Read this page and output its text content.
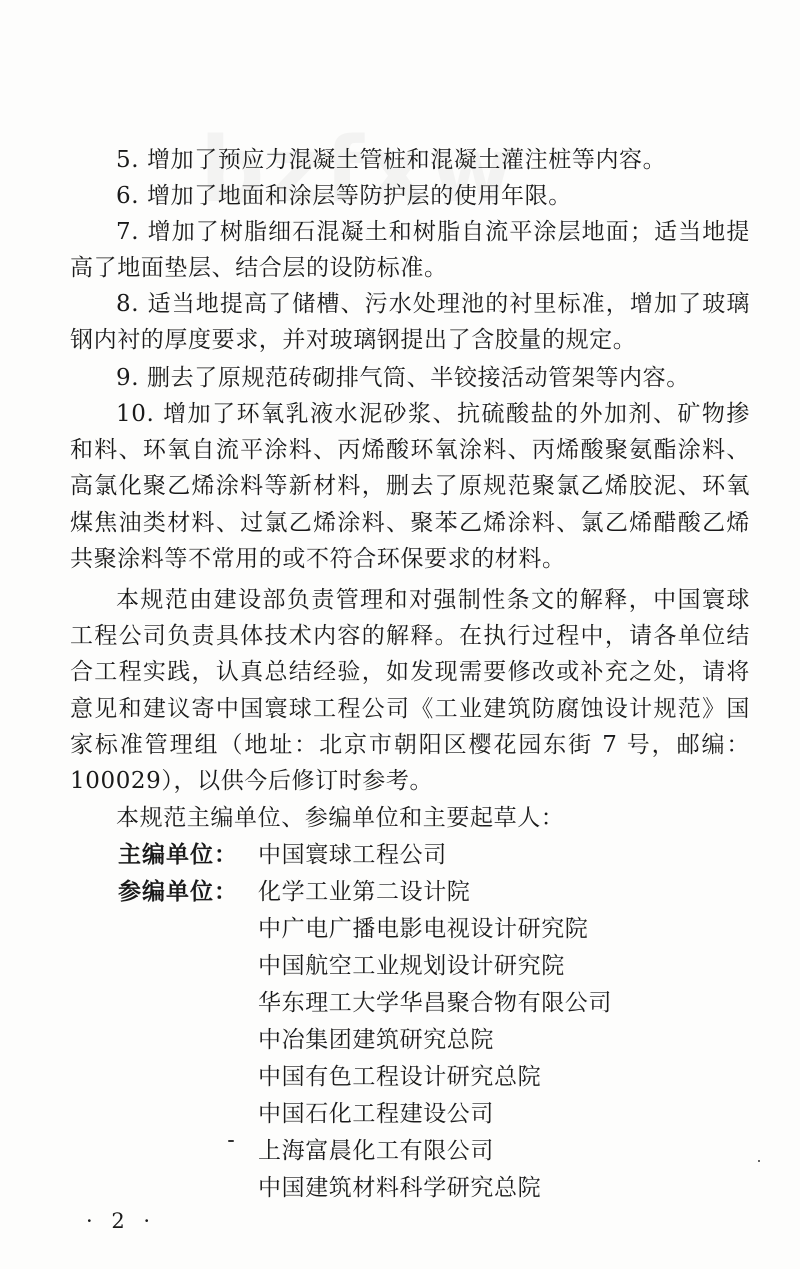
5. 增加了预应力混凝土管桩和混凝土灌注桩等内容。

6. 增加了地面和涂层等防护层的使用年限。

7. 增加了树脂细石混凝土和树脂自流平涂层地面；适当地提高了地面垫层、结合层的设防标准。

8. 适当地提高了储槽、污水处理池的衬里标准，增加了玻璃钢内衬的厚度要求，并对玻璃钢提出了含胶量的规定。

9. 删去了原规范砖砌排气筒、半铰接活动管架等内容。

10. 增加了环氧乳液水泥砂浆、抗硫酸盐的外加剂、矿物掺和料、环氧自流平涂料、丙烯酸环氧涂料、丙烯酸聚氨酯涂料、高氯化聚乙烯涂料等新材料，删去了原规范聚氯乙烯胶泥、环氧煤焦油类材料、过氯乙烯涂料、聚苯乙烯涂料、氯乙烯醋酸乙烯共聚涂料等不常用的或不符合环保要求的材料。

本规范由建设部负责管理和对强制性条文的解释，中国寰球工程公司负责具体技术内容的解释。在执行过程中，请各单位结合工程实践，认真总结经验，如发现需要修改或补充之处，请将意见和建议寄中国寰球工程公司《工业建筑防腐蚀设计规范》国家标准管理组（地址：北京市朝阳区樱花园东街 7 号，邮编：100029），以供今后修订时参考。

本规范主编单位、参编单位和主要起草人：

主编单位： 中国寰球工程公司
参编单位： 化学工业第二设计院
中广电广播电影电视设计研究院
中国航空工业规划设计研究院
华东理工大学华昌聚合物有限公司
中冶集团建筑研究总院
中国有色工程设计研究总院
中国石化工程建设公司
上海富晨化工有限公司
中国建筑材料科学研究总院
· 2 ·
